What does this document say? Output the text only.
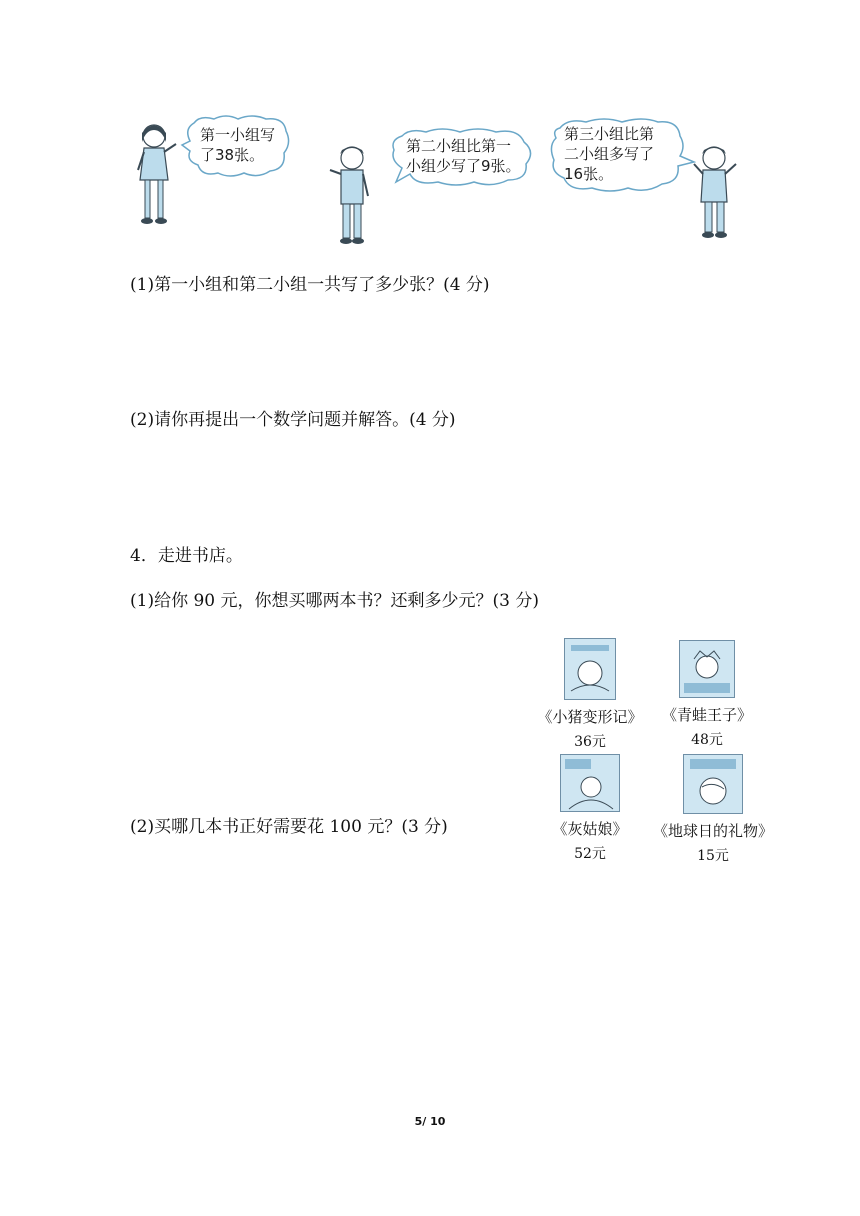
第一小组写
了38张。	第二小组比第一
小组少写了9张。
第三小组比第
二小组多写了
16张。
(1)第一小组和第二小组一共写了多少张？(4 分)
(2)请你再提出一个数学问题并解答。(4 分)
4．走进书店。
(1)给你 90 元，你想买哪两本书？还剩多少元？(3 分)
(2)买哪几本书正好需要花 100 元？(3 分)
《小猪变形记》
36元
《青蛙王子》
48元
《灰姑娘》
52元
《地球日的礼物》
15元
5/ 10
